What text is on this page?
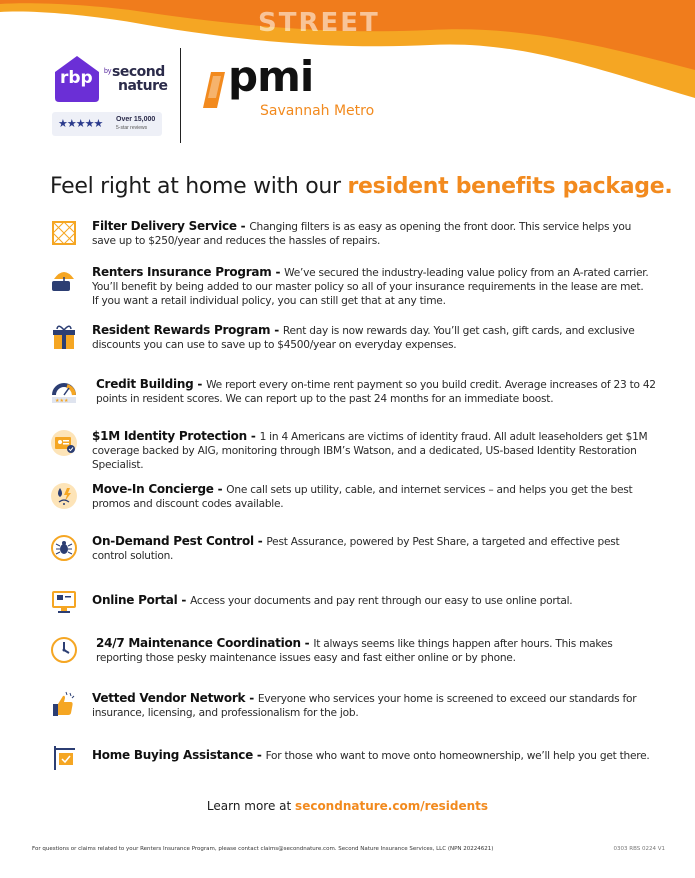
STREET
rbp by second
nature
★★★★★ Over 15,000
5-star reviews
pmi
Savannah Metro
Feel right at home with our resident benefits package.
Filter Delivery Service - Changing filters is as easy as opening the front door. This service helps you save up to $250/year and reduces the hassles of repairs.
Renters Insurance Program - We’ve secured the industry-leading value policy from an A-rated carrier. You’ll benefit by being added to our master policy so all of your insurance requirements in the lease are met. If you want a retail individual policy, you can still get that at any time.
Resident Rewards Program - Rent day is now rewards day. You’ll get cash, gift cards, and exclusive discounts you can use to save up to $4500/year on everyday expenses.
★★★
Credit Building - We report every on-time rent payment so you build credit. Average increases of 23 to 42 points in resident scores. We can report up to the past 24 months for an immediate boost.
$1M Identity Protection - 1 in 4 Americans are victims of identity fraud. All adult leaseholders get $1M coverage backed by AIG, monitoring through IBM’s Watson, and a dedicated, US-based Identity Restoration Specialist.
Move-In Concierge - One call sets up utility, cable, and internet services – and helps you get the best promos and discount codes available.
On-Demand Pest Control - Pest Assurance, powered by Pest Share, a targeted and effective pest control solution.
Online Portal - Access your documents and pay rent through our easy to use online portal.
24/7 Maintenance Coordination - It always seems like things happen after hours. This makes reporting those pesky maintenance issues easy and fast either online or by phone.
Vetted Vendor Network - Everyone who services your home is screened to exceed our standards for insurance, licensing, and professionalism for the job.
Home Buying Assistance - For those who want to move onto homeownership, we’ll help you get there.
Learn more at secondnature.com/residents
For questions or claims related to your Renters Insurance Program, please contact claims@secondnature.com. Second Nature Insurance Services, LLC (NPN 20224621)	0303 RBS 0224 V1
